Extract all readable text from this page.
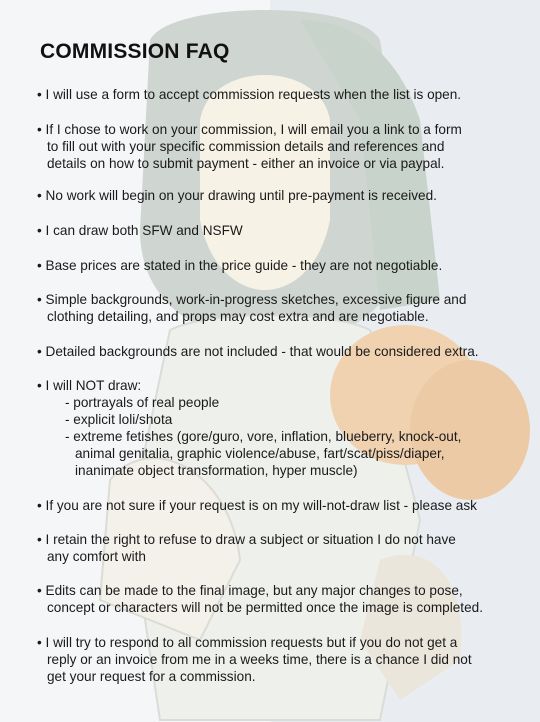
COMMISSION FAQ
• I will use a form to accept commission requests when the list is open.
• If I chose to work on your commission, I will email you a link to a form
to fill out with your specific commission details and references and
details on how to submit payment - either an invoice or via paypal.
• No work will begin on your drawing until pre-payment is received.
• I can draw both SFW and NSFW
• Base prices are stated in the price guide - they are not negotiable.
• Simple backgrounds, work-in-progress sketches, excessive figure and
clothing detailing, and props may cost extra and are negotiable.
• Detailed backgrounds are not included - that would be considered extra.
• I will NOT draw:
- portrayals of real people
- explicit loli/shota
- extreme fetishes (gore/guro, vore, inflation, blueberry, knock-out,
animal genitalia, graphic violence/abuse, fart/scat/piss/diaper,
inanimate object transformation, hyper muscle)
• If you are not sure if your request is on my will-not-draw list - please ask
• I retain the right to refuse to draw a subject or situation I do not have
any comfort with
• Edits can be made to the final image, but any major changes to pose,
concept or characters will not be permitted once the image is completed.
• I will try to respond to all commission requests but if you do not get a
reply or an invoice from me in a weeks time, there is a chance I did not
get your request for a commission.
